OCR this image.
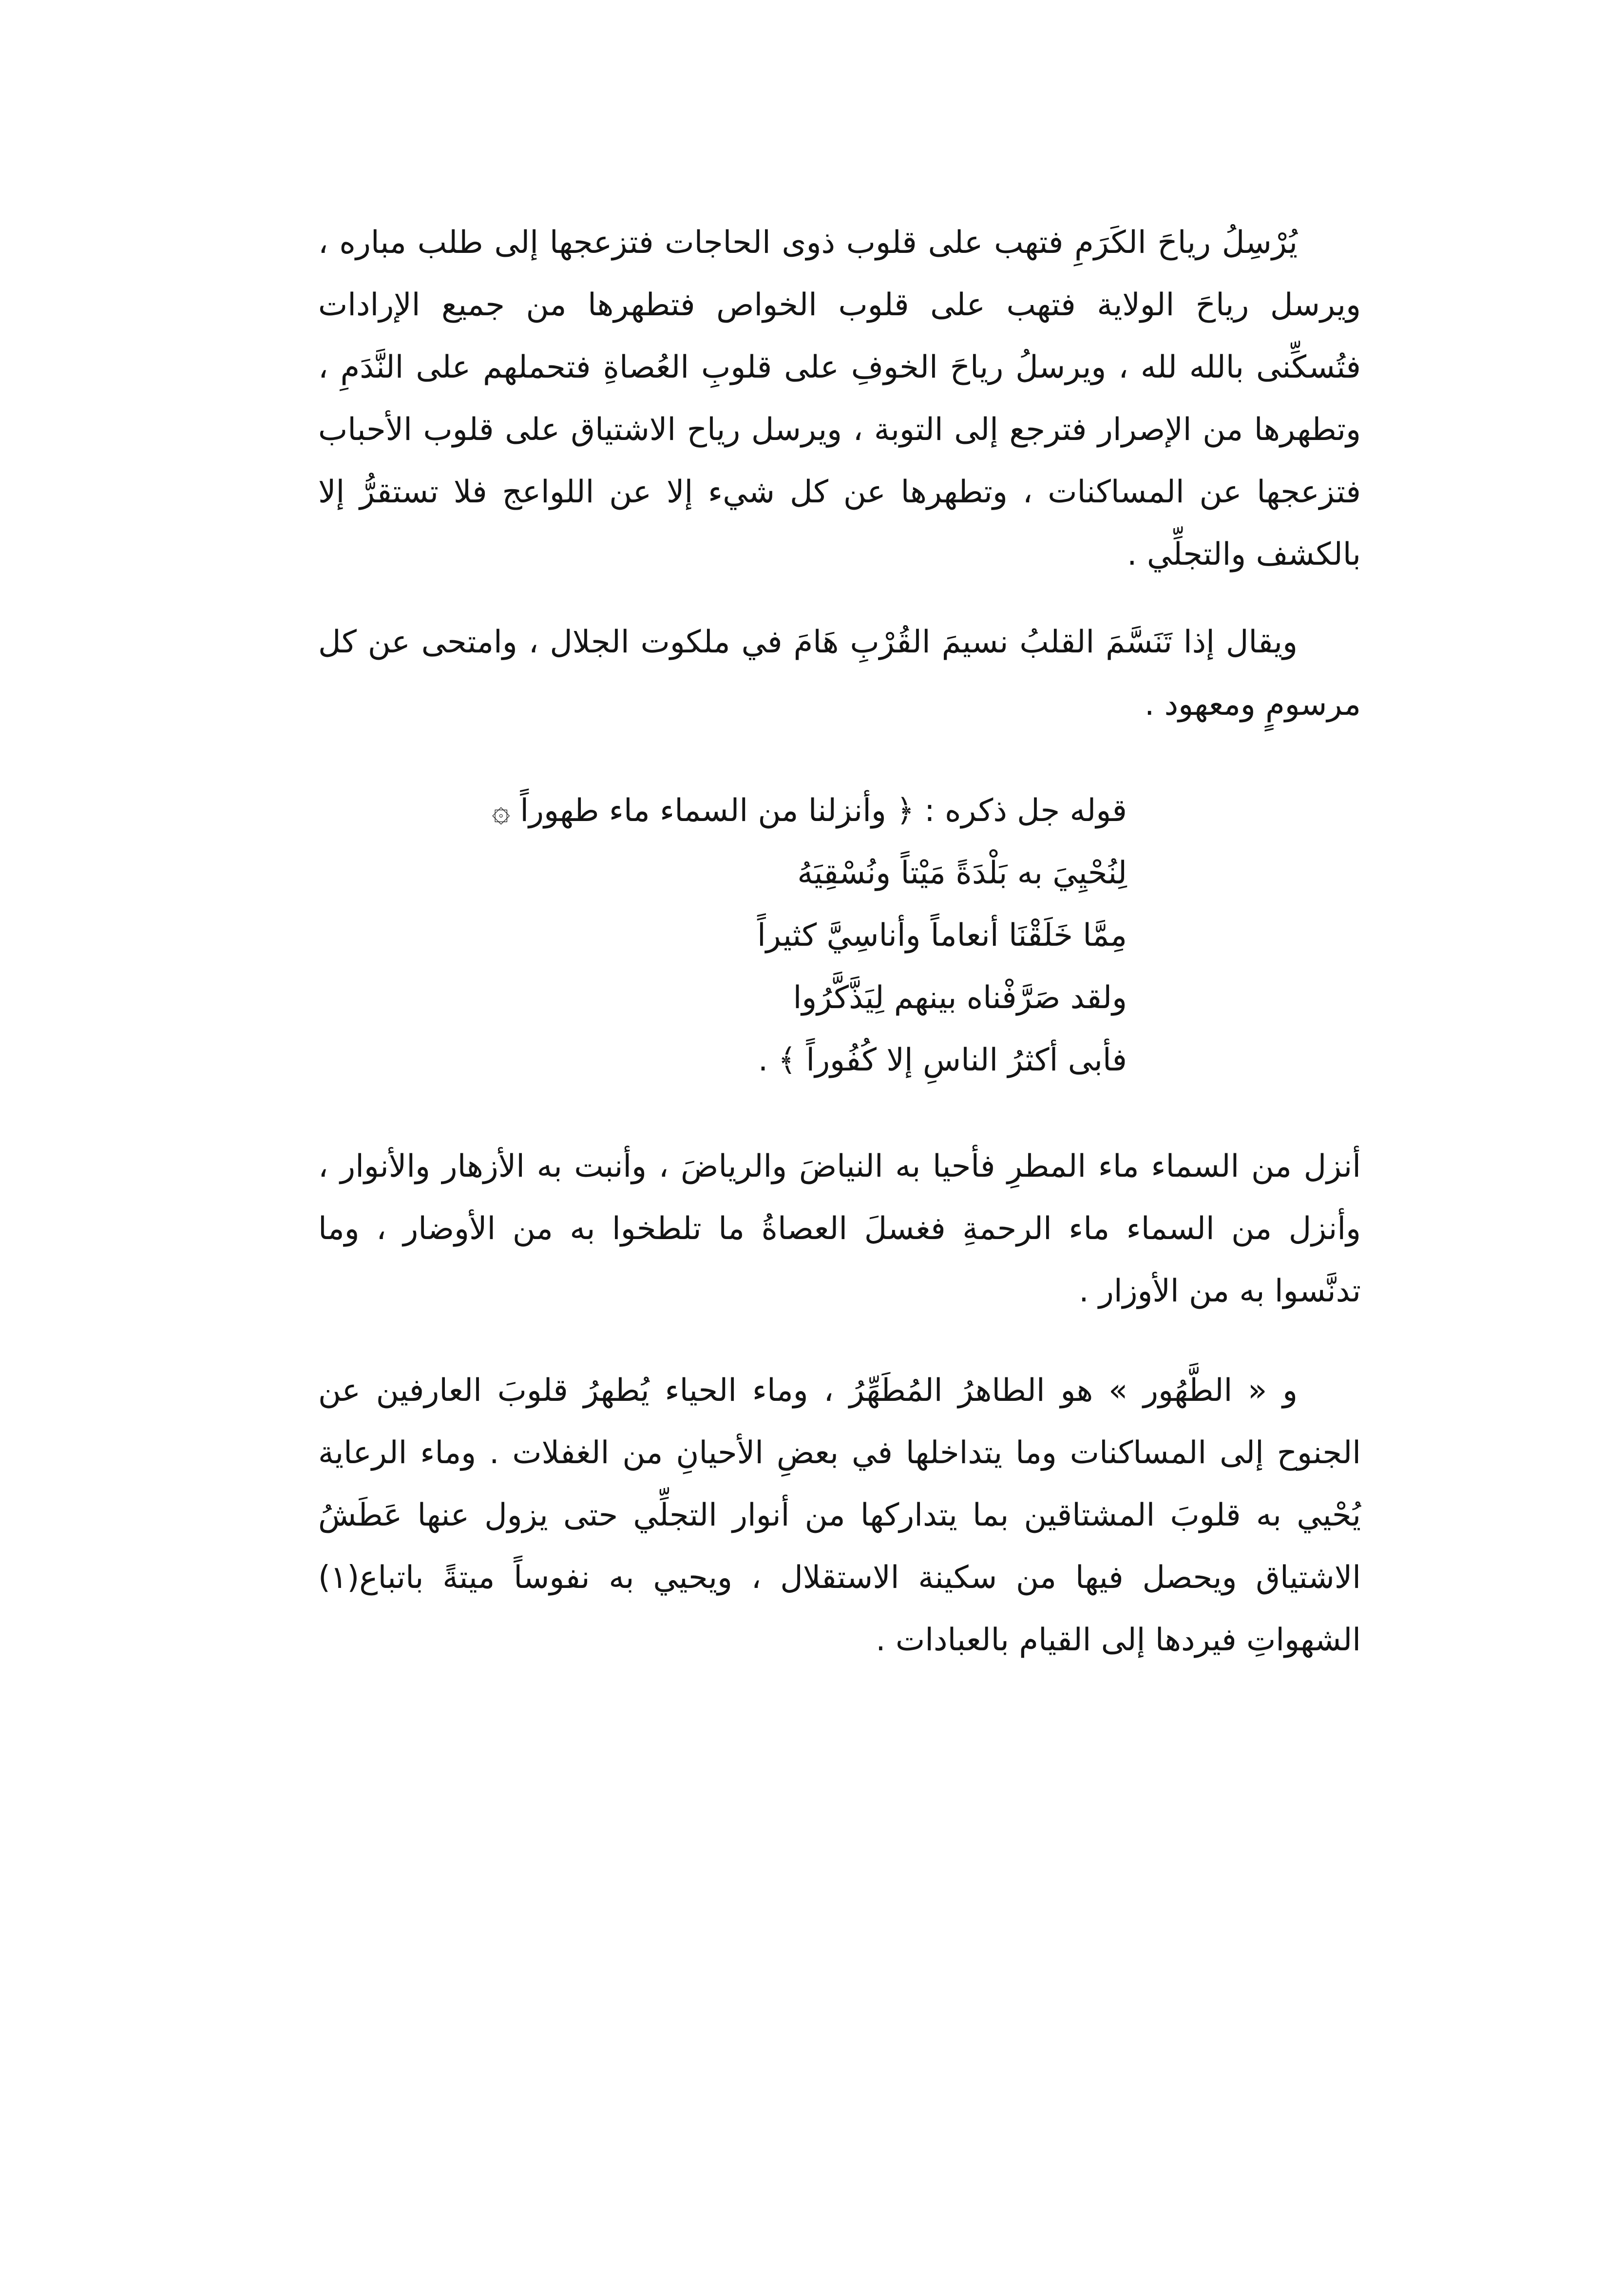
يُرْسِلُ رياحَ الكَرَمِ فتهب على قلوب ذوى الحاجات فتزعجها إلى طلب مباره ، ويرسل رياحَ الولاية فتهب على قلوب الخواص فتطهرها من جميع الإرادات فتُسكِّنى بالله لله ، ويرسلُ رياحَ الخوفِ على قلوبِ العُصاةِ فتحملهم على النَّدَمِ ، وتطهرها من الإصرار فترجع إلى التوبة ، ويرسل رياح الاشتياق على قلوب الأحباب فتزعجها عن المساكنات ، وتطهرها عن كل شيء إلا عن اللواعج فلا تستقرُّ إلا بالكشف والتجلِّي .

ويقال إذا تَنَسَّمَ القلبُ نسيمَ القُرْبِ هَامَ في ملكوت الجلال ، وامتحى عن كل مرسومٍ ومعهود .

قوله جل ذكره : ﴿ وأنزلنا من السماء ماء طهوراً ۞
لِنُحْيِيَ به بَلْدَةً مَيْتاً ونُسْقِيَهُ
مِمَّا خَلَقْنَا أنعاماً وأناسِيَّ كثيراً
ولقد صَرَّفْناه بينهم لِيَذَّكَّرُوا
فأبى أكثرُ الناسِ إلا كُفُوراً ﴾ .

أنزل من السماء ماء المطرِ فأحيا به النياضَ والرياضَ ، وأنبت به الأزهار والأنوار ، وأنزل من السماء ماء الرحمةِ فغسلَ العصاةُ ما تلطخوا به من الأوضار ، وما تدنَّسوا به من الأوزار .

و « الطَّهُور » هو الطاهرُ المُطَهِّرُ ، وماء الحياء يُطهرُ قلوبَ العارفين عن الجنوح إلى المساكنات وما يتداخلها في بعضِ الأحيانِ من الغفلات . وماء الرعاية يُحْيي به قلوبَ المشتاقين بما يتداركها من أنوار التجلِّي حتى يزول عنها عَطَشُ الاشتياق ويحصل فيها من سكينة الاستقلال ، ويحيي به نفوساً ميتةً باتباع(١) الشهواتِ فيردها إلى القيام بالعبادات .
